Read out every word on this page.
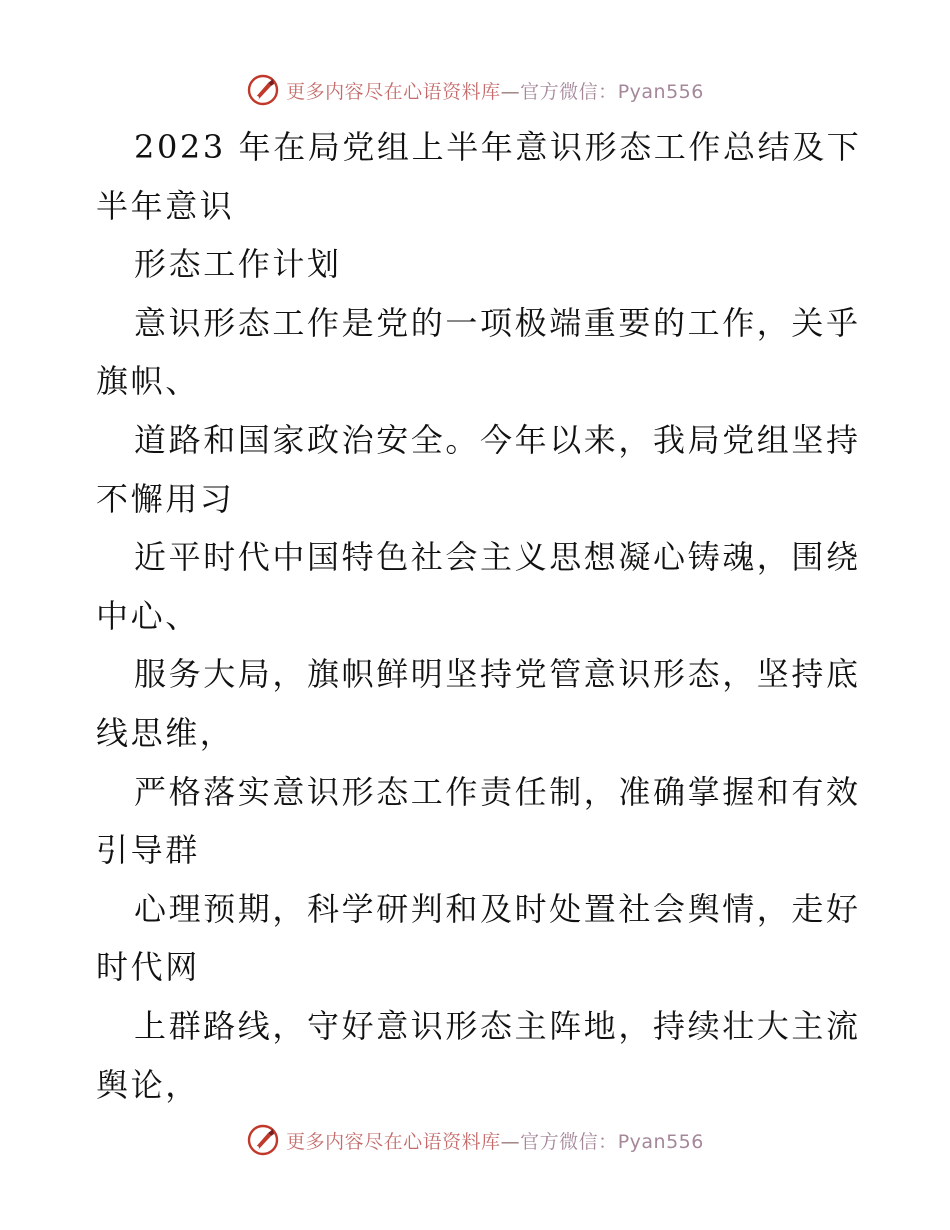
更多内容尽在心语资料库—官方微信：Pyan556
2023 年在局党组上半年意识形态工作总结及下
半年意识
形态工作计划
意识形态工作是党的一项极端重要的工作，关乎
旗帜、
道路和国家政治安全。今年以来，我局党组坚持
不懈用习
近平时代中国特色社会主义思想凝心铸魂，围绕
中心、
服务大局，旗帜鲜明坚持党管意识形态，坚持底
线思维，
严格落实意识形态工作责任制，准确掌握和有效
引导群
心理预期，科学研判和及时处置社会舆情，走好
时代网
上群路线，守好意识形态主阵地，持续壮大主流
舆论，
更多内容尽在心语资料库—官方微信：Pyan556
